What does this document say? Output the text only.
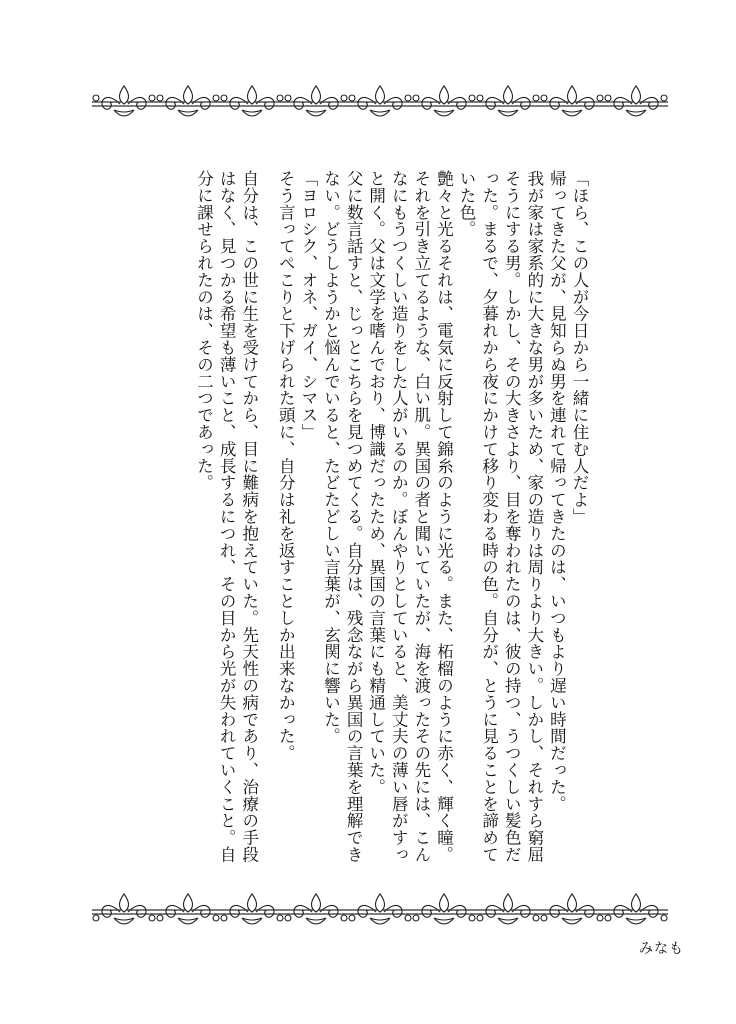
「ほら、この人が今日から一緒に住む人だよ」

帰ってきた父が、見知らぬ男を連れて帰ってきたのは、いつもより遅い時間だった。

我が家は家系的に大きな男が多いため、家の造りは周りより大きい。しかし、それすら窮屈そうにする男。しかし、その大きさより、目を奪われたのは、彼の持つ、うつくしい髪色だった。まるで、夕暮れから夜にかけて移り変わる時の色。自分が、とうに見ることを諦めていた色。

艶々と光るそれは、電気に反射して錦糸のように光る。また、柘榴のように赤く、輝く瞳。それを引き立てるような、白い肌。異国の者と聞いていたが、海を渡ったその先には、こんなにもうつくしい造りをした人がいるのか。ぼんやりとしていると、美丈夫の薄い唇がすっと開く。父は文学を嗜んでおり、博識だったため、異国の言葉にも精通していた。

父に数言話すと、じっとこちらを見つめてくる。自分は、残念ながら異国の言葉を理解できない。どうしようかと悩んでいると、たどたどしい言葉が、玄関に響いた。

「ヨロシク、オネ、ガイ、シマス」

そう言ってぺこりと下げられた頭に、自分は礼を返すことしか出来なかった。

自分は、この世に生を受けてから、目に難病を抱えていた。先天性の病であり、治療の手段はなく、見つかる希望も薄いこと、成長するにつれ、その目から光が失われていくこと。自分に課せられたのは、その二つであった。

みなも
